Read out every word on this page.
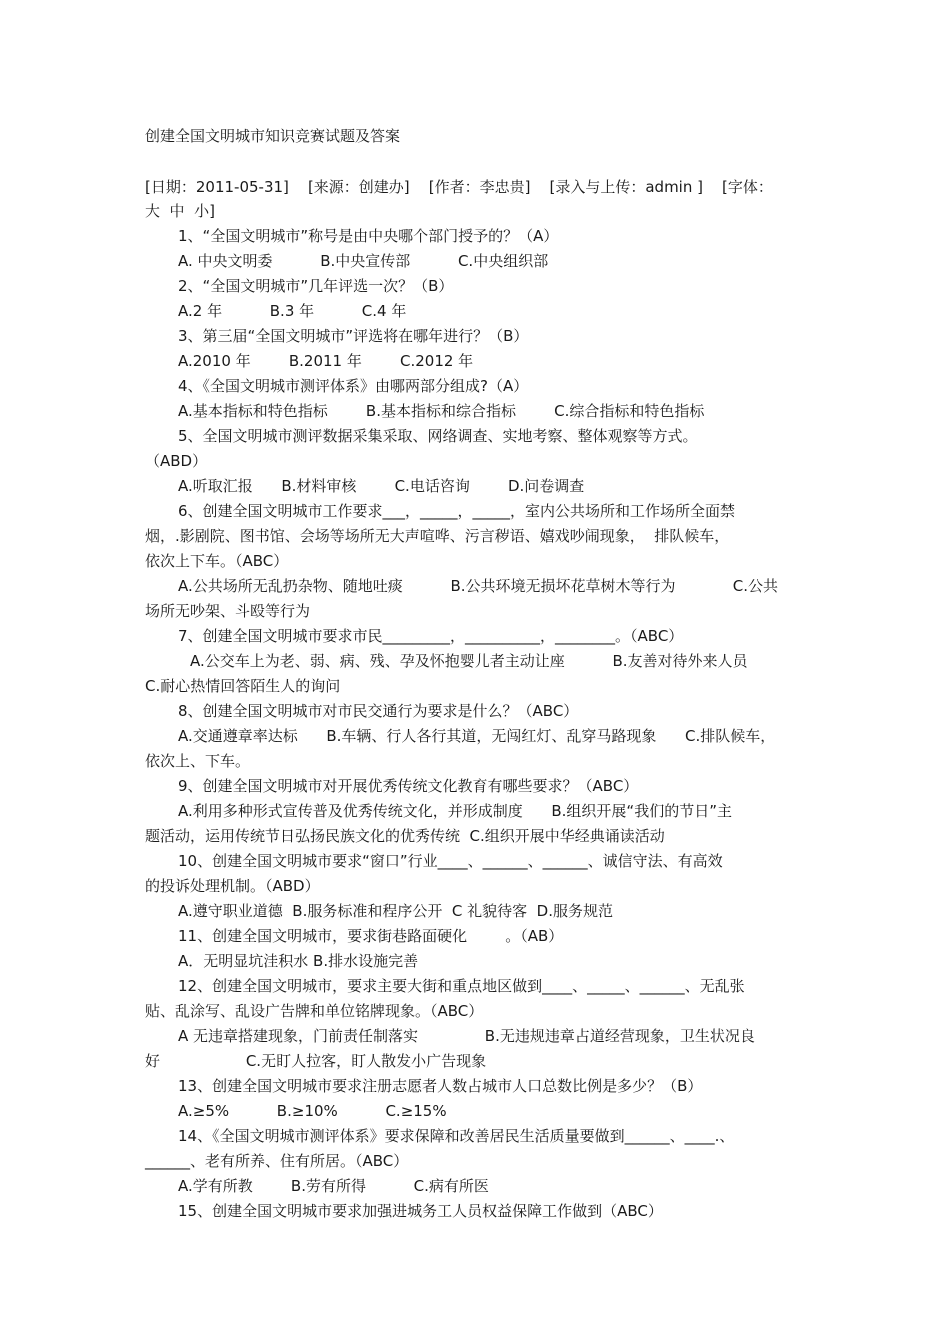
创建全国文明城市知识竞赛试题及答案

[日期：2011-05-31]    [来源：创建办]    [作者：李忠贵]    [录入与上传：admin ]    [字体：

大  中  小]

1、“全国文明城市”称号是由中央哪个部门授予的？（A）

A. 中央文明委          B.中央宣传部          C.中央组织部

2、“全国文明城市”几年评选一次？（B）

A.2 年          B.3 年          C.4 年

3、第三届“全国文明城市”评选将在哪年进行？（B）

A.2010 年        B.2011 年        C.2012 年

4、《全国文明城市测评体系》由哪两部分组成?（A）

A.基本指标和特色指标        B.基本指标和综合指标        C.综合指标和特色指标

5、全国文明城市测评数据采集采取、网络调查、实地考察、整体观察等方式。

（ABD）

A.听取汇报      B.材料审核        C.电话咨询        D.问卷调查

6、创建全国文明城市工作要求___，_____，_____，室内公共场所和工作场所全面禁

烟，.影剧院、图书馆、会场等场所无大声喧哗、污言秽语、嬉戏吵闹现象，  排队候车，

依次上下车。（ABC）

A.公共场所无乱扔杂物、随地吐痰          B.公共环境无损坏花草树木等行为            C.公共

场所无吵架、斗殴等行为

7、创建全国文明城市要求市民_________，__________，________。（ABC）

A.公交车上为老、弱、病、残、孕及怀抱婴儿者主动让座          B.友善对待外来人员

C.耐心热情回答陌生人的询问

8、创建全国文明城市对市民交通行为要求是什么？（ABC）

A.交通遵章率达标      B.车辆、行人各行其道，无闯红灯、乱穿马路现象      C.排队候车，

依次上、下车。

9、创建全国文明城市对开展优秀传统文化教育有哪些要求？（ABC）

A.利用多种形式宣传普及优秀传统文化，并形成制度      B.组织开展“我们的节日”主

题活动，运用传统节日弘扬民族文化的优秀传统  C.组织开展中华经典诵读活动

10、创建全国文明城市要求“窗口”行业____、______、______、诚信守法、有高效

的投诉处理机制。（ABD）

A.遵守职业道德  B.服务标准和程序公开  C 礼貌待客  D.服务规范

11、创建全国文明城市，要求街巷路面硬化        。（AB）

A．无明显坑洼积水 B.排水设施完善

12、创建全国文明城市，要求主要大街和重点地区做到____、_____、______、无乱张

贴、乱涂写、乱设广告牌和单位铭牌现象。（ABC）

A 无违章搭建现象，门前责任制落实              B.无违规违章占道经营现象，卫生状况良

好                  C.无盯人拉客，盯人散发小广告现象

13、创建全国文明城市要求注册志愿者人数占城市人口总数比例是多少？（B）

A.≥5%          B.≥10%          C.≥15%

14、《全国文明城市测评体系》要求保障和改善居民生活质量要做到______、____.、

______、老有所养、住有所居。（ABC）

A.学有所教        B.劳有所得          C.病有所医

15、创建全国文明城市要求加强进城务工人员权益保障工作做到（ABC）
